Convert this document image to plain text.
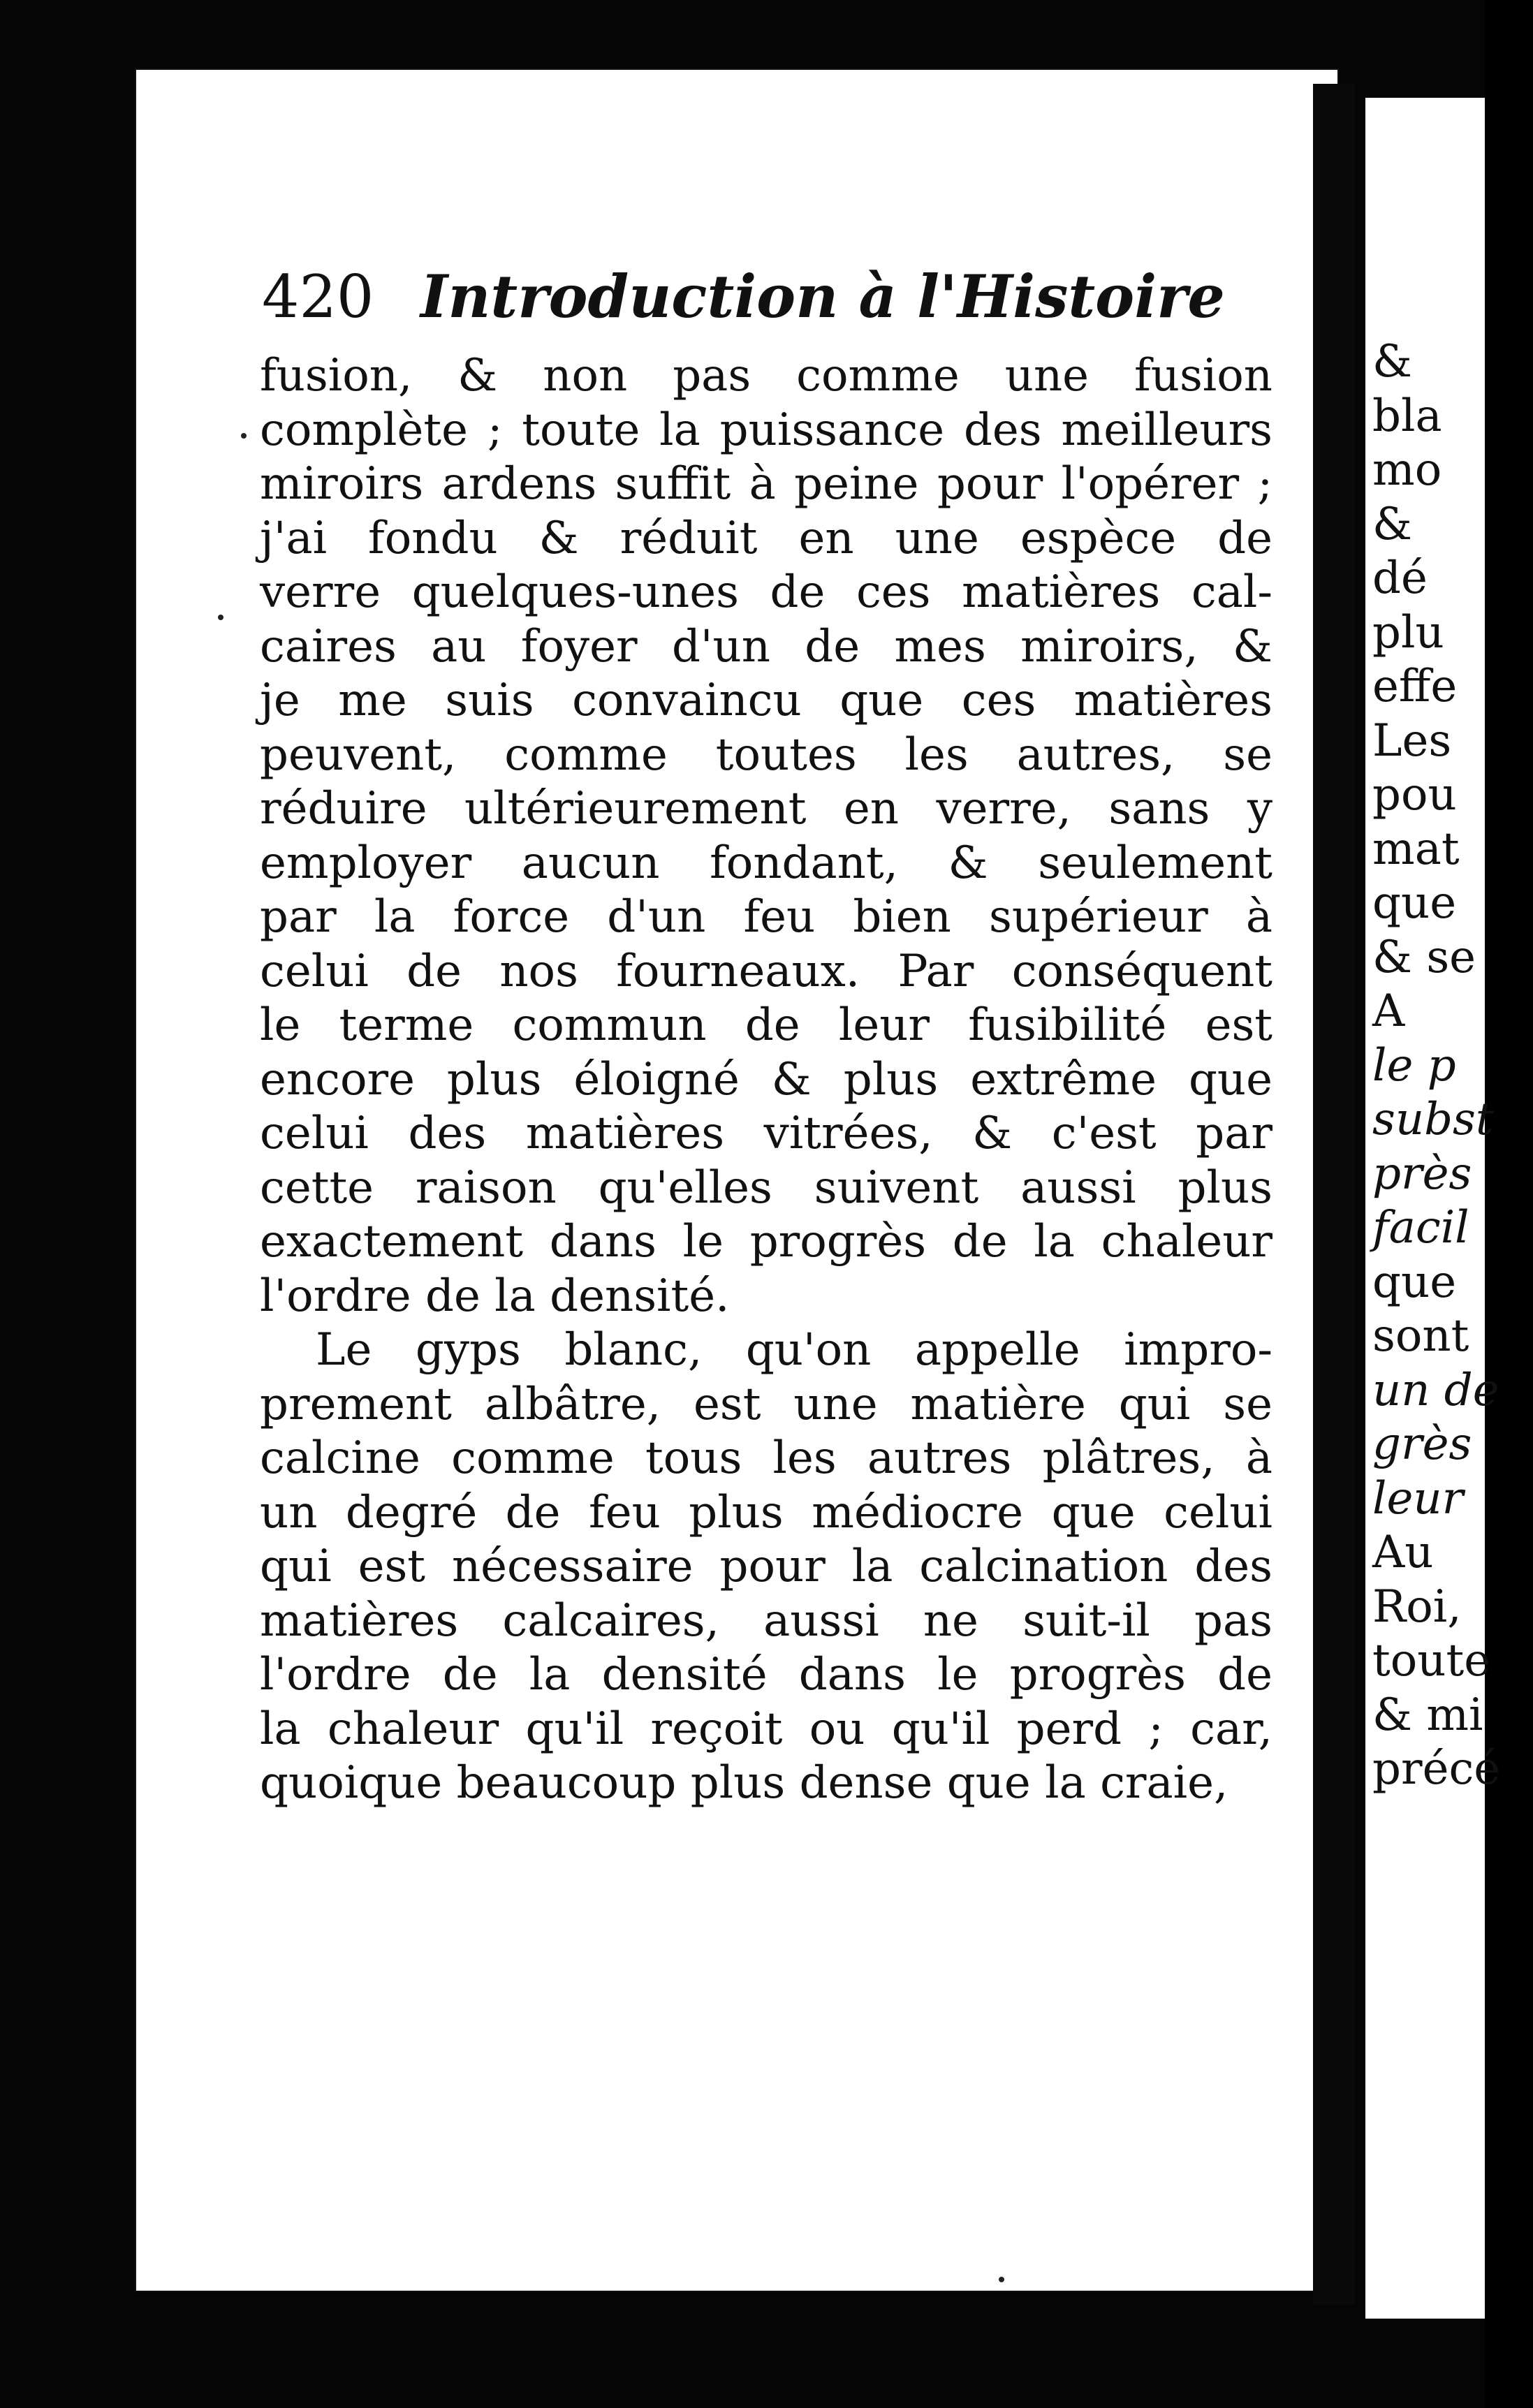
&
bla
mo
&
dé
plu
effe
Les
pou
mat
que
& se
A
le p
subst
près
facil
que
sont
un de
grès
leur
Au
Roi,
toute
& mi
précé
420 Introduction à l'Histoire
fusion, & non pas comme une fusion
complète ; toute la puissance des meilleurs
miroirs ardens suffit à peine pour l'opérer ;
j'ai fondu & réduit en une espèce de
verre quelques-unes de ces matières cal-
caires au foyer d'un de mes miroirs, &
je me suis convaincu que ces matières
peuvent, comme toutes les autres, se
réduire ultérieurement en verre, sans y
employer aucun fondant, & seulement
par la force d'un feu bien supérieur à
celui de nos fourneaux. Par conséquent
le terme commun de leur fusibilité est
encore plus éloigné & plus extrême que
celui des matières vitrées, & c'est par
cette raison qu'elles suivent aussi plus
exactement dans le progrès de la chaleur
l'ordre de la densité.
Le gyps blanc, qu'on appelle impro-
prement albâtre, est une matière qui se
calcine comme tous les autres plâtres, à
un degré de feu plus médiocre que celui
qui est nécessaire pour la calcination des
matières calcaires, aussi ne suit-il pas
l'ordre de la densité dans le progrès de
la chaleur qu'il reçoit ou qu'il perd ; car,
quoique beaucoup plus dense que la craie,
